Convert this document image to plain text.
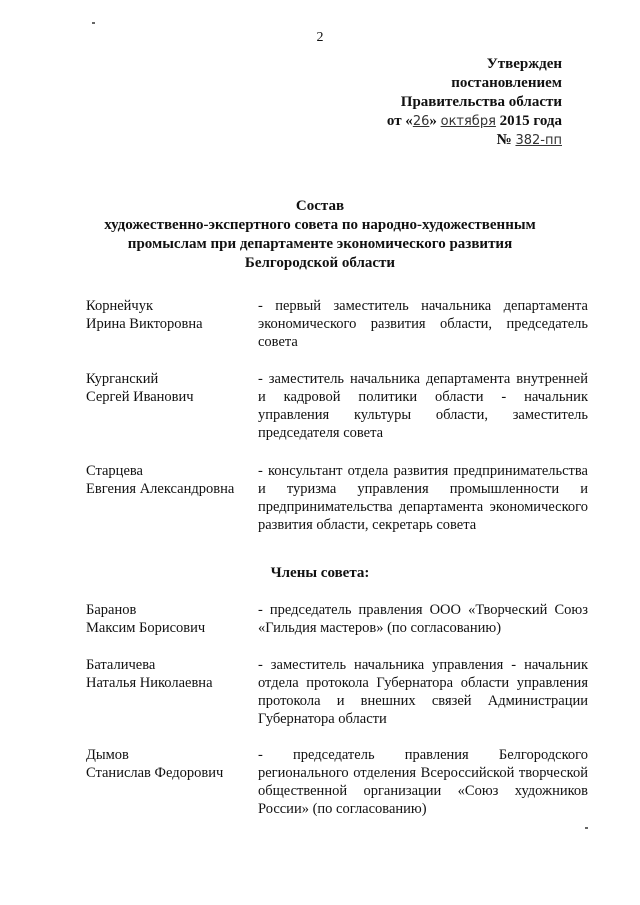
2
Утвержден
постановлением
Правительства области
от «26» октября 2015 года
№ 382-пп
Состав
художественно-экспертного совета по народно-художественным
промыслам при департаменте экономического развития
Белгородской области
Корнейчук
Ирина Викторовна
- первый заместитель начальника департамента экономического развития области, председатель совета
Курганский
Сергей Иванович
- заместитель начальника департамента внутренней и кадровой политики области - начальник управления культуры области, заместитель председателя совета
Старцева
Евгения Александровна
- консультант отдела развития предпринимательства и туризма управления промышленности и предпринимательства департамента экономического развития области, секретарь совета
Члены совета:
Баранов
Максим Борисович
- председатель правления ООО «Творческий Союз «Гильдия мастеров» (по согласованию)
Баталичева
Наталья Николаевна
- заместитель начальника управления - начальник отдела протокола Губернатора области управления протокола и внешних связей Администрации Губернатора области
Дымов
Станислав Федорович
- председатель правления Белгородского регионального отделения Всероссийской творческой общественной организации «Союз художников России» (по согласованию)
